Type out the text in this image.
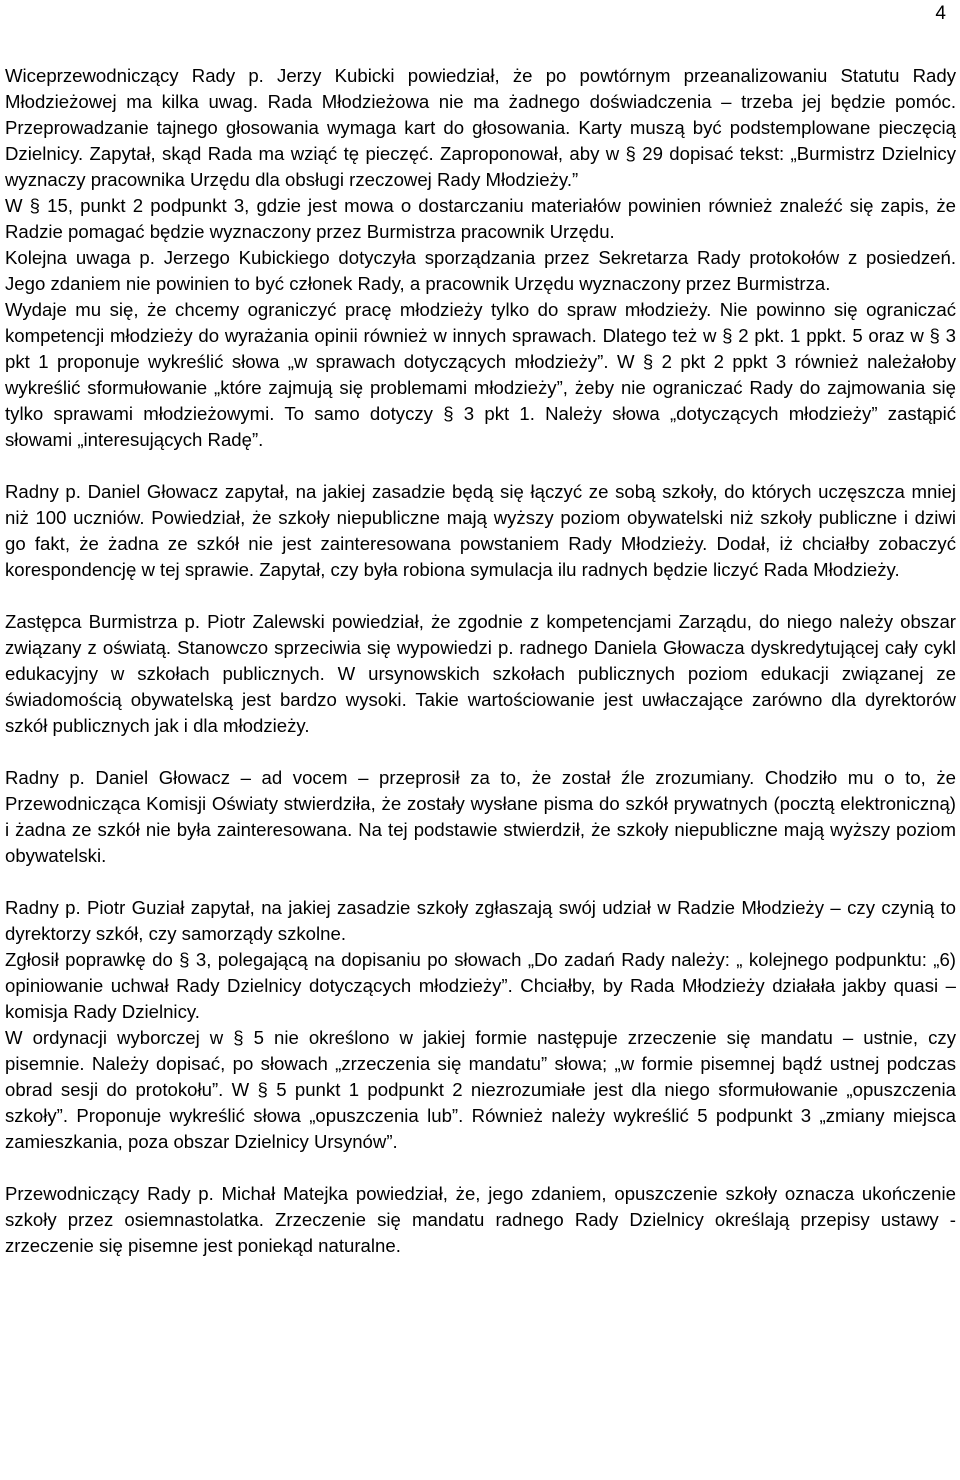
4

Wiceprzewodniczący Rady p. Jerzy Kubicki powiedział, że po powtórnym przeanalizowaniu Statutu Rady Młodzieżowej ma kilka uwag. Rada Młodzieżowa nie ma żadnego doświadczenia – trzeba jej będzie pomóc. Przeprowadzanie tajnego głosowania wymaga kart do głosowania. Karty muszą być podstemplowane pieczęcią Dzielnicy. Zapytał, skąd Rada ma wziąć tę pieczęć. Zaproponował, aby w § 29 dopisać tekst: „Burmistrz Dzielnicy wyznaczy pracownika Urzędu dla obsługi rzeczowej Rady Młodzieży.”

W § 15, punkt 2 podpunkt 3, gdzie jest mowa o dostarczaniu materiałów powinien również znaleźć się zapis, że Radzie pomagać będzie wyznaczony przez Burmistrza pracownik Urzędu.

Kolejna uwaga p. Jerzego Kubickiego dotyczyła sporządzania przez Sekretarza Rady protokołów z posiedzeń. Jego zdaniem nie powinien to być członek Rady, a pracownik Urzędu wyznaczony przez Burmistrza.

Wydaje mu się, że chcemy ograniczyć pracę młodzieży tylko do spraw młodzieży. Nie powinno się ograniczać kompetencji młodzieży do wyrażania opinii również w innych sprawach. Dlatego też w § 2 pkt. 1 ppkt. 5 oraz w § 3 pkt 1 proponuje wykreślić słowa „w sprawach dotyczących młodzieży”. W § 2 pkt 2 ppkt 3 również należałoby wykreślić sformułowanie „które zajmują się problemami młodzieży”, żeby nie ograniczać Rady do zajmowania się tylko sprawami młodzieżowymi. To samo dotyczy § 3 pkt 1. Należy słowa „dotyczących młodzieży” zastąpić słowami „interesujących Radę”.

Radny p. Daniel Głowacz zapytał, na jakiej zasadzie będą się łączyć ze sobą szkoły, do których uczęszcza mniej niż 100 uczniów. Powiedział, że szkoły niepubliczne mają wyższy poziom obywatelski niż szkoły publiczne i dziwi go fakt, że żadna ze szkół nie jest zainteresowana powstaniem Rady Młodzieży. Dodał, iż chciałby zobaczyć korespondencję w tej sprawie. Zapytał, czy była robiona symulacja ilu radnych będzie liczyć Rada Młodzieży.

Zastępca Burmistrza p. Piotr Zalewski powiedział, że zgodnie z kompetencjami Zarządu, do niego należy obszar związany z oświatą. Stanowczo sprzeciwia się wypowiedzi p. radnego Daniela Głowacza dyskredytującej cały cykl edukacyjny w szkołach publicznych. W ursynowskich szkołach publicznych poziom edukacji związanej ze świadomością obywatelską jest bardzo wysoki. Takie wartościowanie jest uwłaczające zarówno dla dyrektorów szkół publicznych jak i dla młodzieży.

Radny p. Daniel Głowacz – ad vocem – przeprosił za to, że został źle zrozumiany. Chodziło mu o to, że Przewodnicząca Komisji Oświaty stwierdziła, że zostały wysłane pisma do szkół prywatnych (pocztą elektroniczną) i żadna ze szkół nie była zainteresowana. Na tej podstawie stwierdził, że szkoły niepubliczne mają wyższy poziom obywatelski.

Radny p. Piotr Guział zapytał, na jakiej zasadzie szkoły zgłaszają swój udział w Radzie Młodzieży – czy czynią to dyrektorzy szkół, czy samorządy szkolne.

Zgłosił poprawkę do § 3, polegającą na dopisaniu po słowach „Do zadań Rady należy: „ kolejnego podpunktu: „6) opiniowanie uchwał Rady Dzielnicy dotyczących młodzieży”. Chciałby, by Rada Młodzieży działała jakby quasi – komisja Rady Dzielnicy.

W ordynacji wyborczej w § 5 nie określono w jakiej formie następuje zrzeczenie się mandatu – ustnie, czy pisemnie. Należy dopisać, po słowach „zrzeczenia się mandatu” słowa; „w formie pisemnej bądź ustnej podczas obrad sesji do protokołu”. W § 5 punkt 1 podpunkt 2 niezrozumiałe jest dla niego sformułowanie „opuszczenia szkoły”. Proponuje wykreślić słowa „opuszczenia lub”. Również należy wykreślić 5 podpunkt 3 „zmiany miejsca zamieszkania, poza obszar Dzielnicy Ursynów”.

Przewodniczący Rady p. Michał Matejka powiedział, że, jego zdaniem, opuszczenie szkoły oznacza ukończenie szkoły przez osiemnastolatka. Zrzeczenie się mandatu radnego Rady Dzielnicy określają przepisy ustawy - zrzeczenie się pisemne jest poniekąd naturalne.
